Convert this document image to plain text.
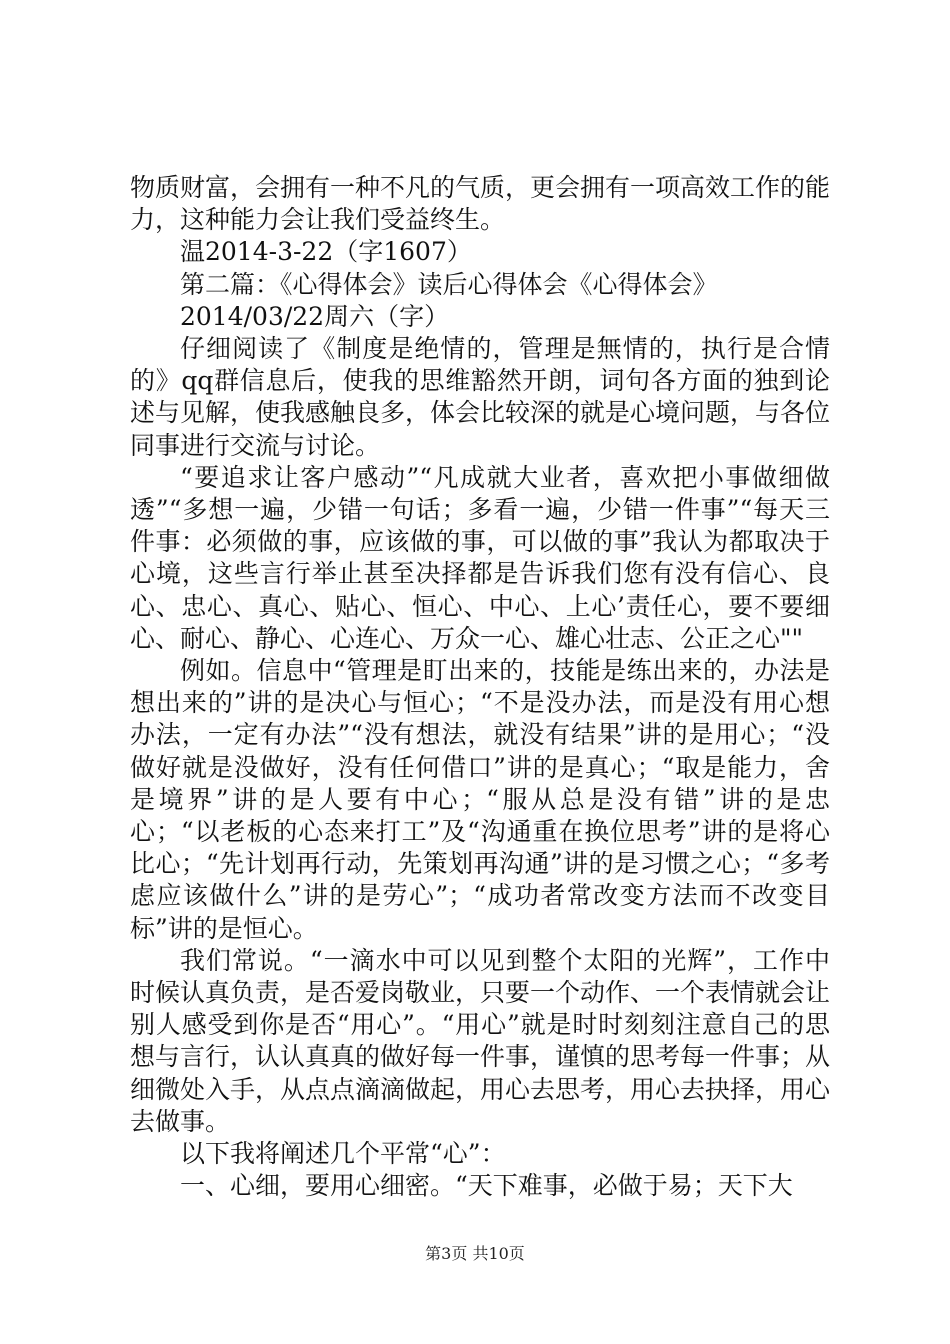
物质财富，会拥有一种不凡的气质，更会拥有一项高效工作的能力，这种能力会让我们受益终生。

温2014-3-22（字1607）

第二篇：《心得体会》读后心得体会《心得体会》

2014/03/22周六（字）

仔细阅读了《制度是绝情的，管理是無情的，执行是合情的》qq群信息后，使我的思维豁然开朗，词句各方面的独到论述与见解，使我感触良多，体会比较深的就是心境问题，与各位同事进行交流与讨论。

“要追求让客户感动”“凡成就大业者，喜欢把小事做细做透”“多想一遍，少错一句话；多看一遍，少错一件事”“每天三件事：必须做的事，应该做的事，可以做的事”我认为都取决于心境，这些言行举止甚至决择都是告诉我们您有没有信心、良心、忠心、真心、贴心、恒心、中心、上心’责任心，要不要细心、耐心、静心、心连心、万众一心、雄心壮志、公正之心""

例如。信息中“管理是盯出来的，技能是练出来的，办法是想出来的”讲的是决心与恒心；“不是没办法，而是没有用心想办法，一定有办法”“没有想法，就没有结果”讲的是用心；“没做好就是没做好，没有任何借口”讲的是真心；“取是能力，舍是境界”讲的是人要有中心；“服从总是没有错”讲的是忠心；“以老板的心态来打工”及“沟通重在换位思考”讲的是将心比心；“先计划再行动，先策划再沟通”讲的是习惯之心；“多考虑应该做什么”讲的是劳心”；“成功者常改变方法而不改变目标”讲的是恒心。

我们常说。“一滴水中可以见到整个太阳的光辉”，工作中时候认真负责，是否爱岗敬业，只要一个动作、一个表情就会让别人感受到你是否“用心”。“用心”就是时时刻刻注意自己的思想与言行，认认真真的做好每一件事，谨慎的思考每一件事；从细微处入手，从点点滴滴做起，用心去思考，用心去抉择，用心去做事。

以下我将阐述几个平常“心”：

一、心细，要用心细密。“天下难事，必做于易；天下大

第3页 共10页
